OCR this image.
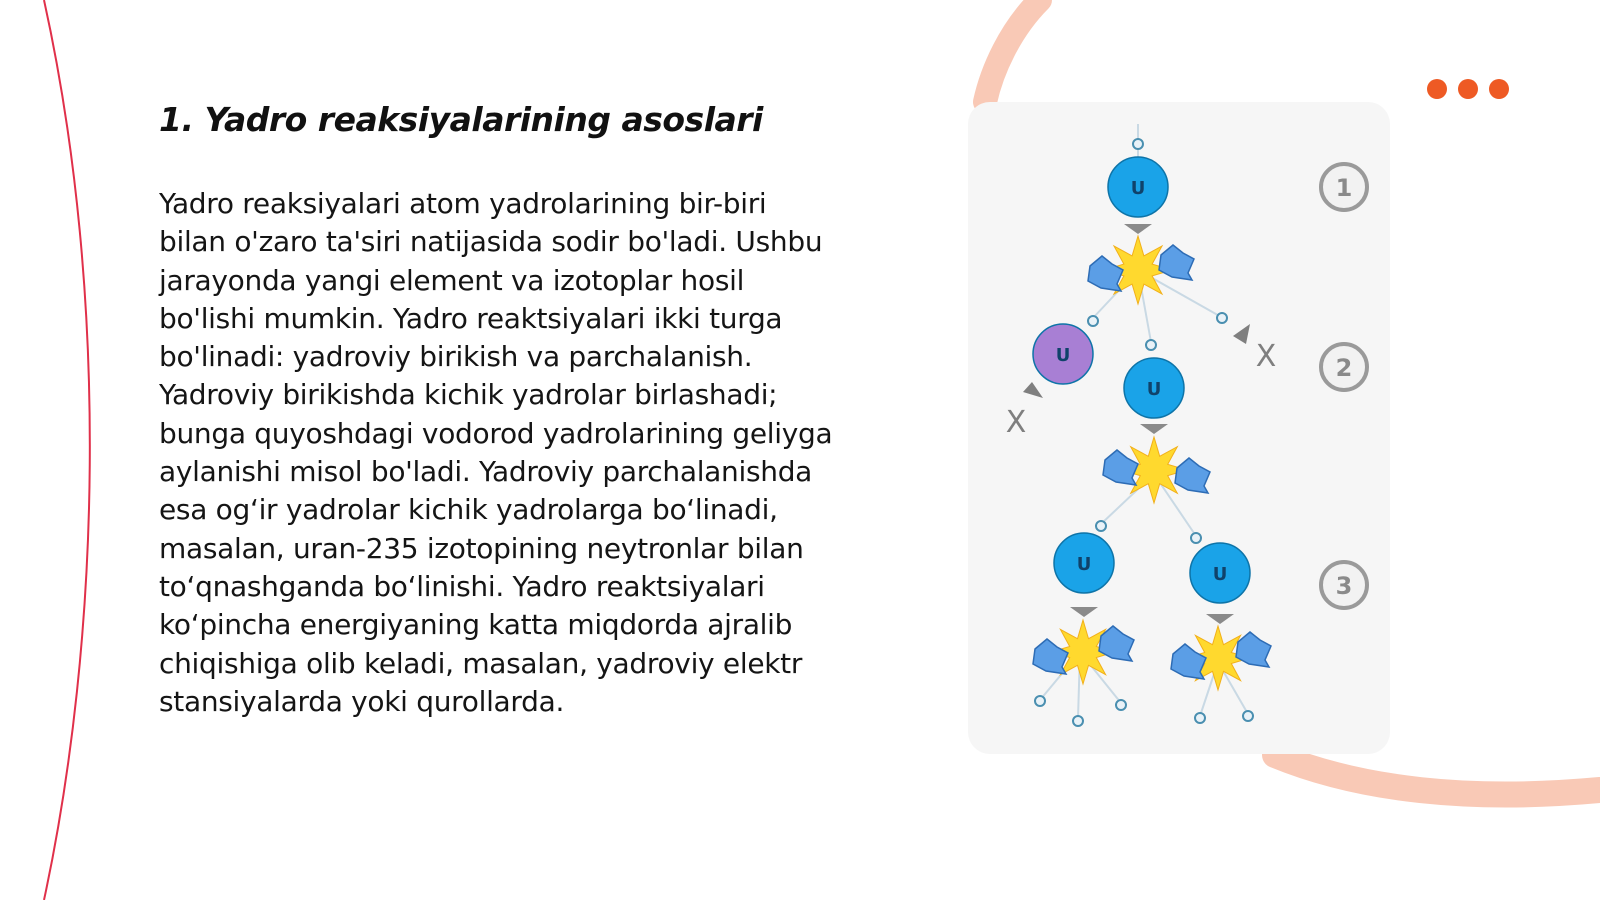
1. Yadro reaksiyalarining asoslari

Yadro reaksiyalari atom yadrolarining bir-biri bilan o'zaro ta'siri natijasida sodir bo'ladi. Ushbu jarayonda yangi element va izotoplar hosil bo'lishi mumkin. Yadro reaktsiyalari ikki turga bo'linadi: yadroviy birikish va parchalanish. Yadroviy birikishda kichik yadrolar birlashadi; bunga quyoshdagi vodorod yadrolarining geliyga aylanishi misol bo'ladi. Yadroviy parchalanishda esa og‘ir yadrolar kichik yadrolarga bo‘linadi, masalan, uran-235 izotopining neytronlar bilan to‘qnashganda bo‘linishi. Yadro reaktsiyalari ko‘pincha energiyaning katta miqdorda ajralib chiqishiga olib keladi, masalan, yadroviy elektr stansiyalarda yoki qurollarda.

U
U
X
X
U
U	U
1
2
3
